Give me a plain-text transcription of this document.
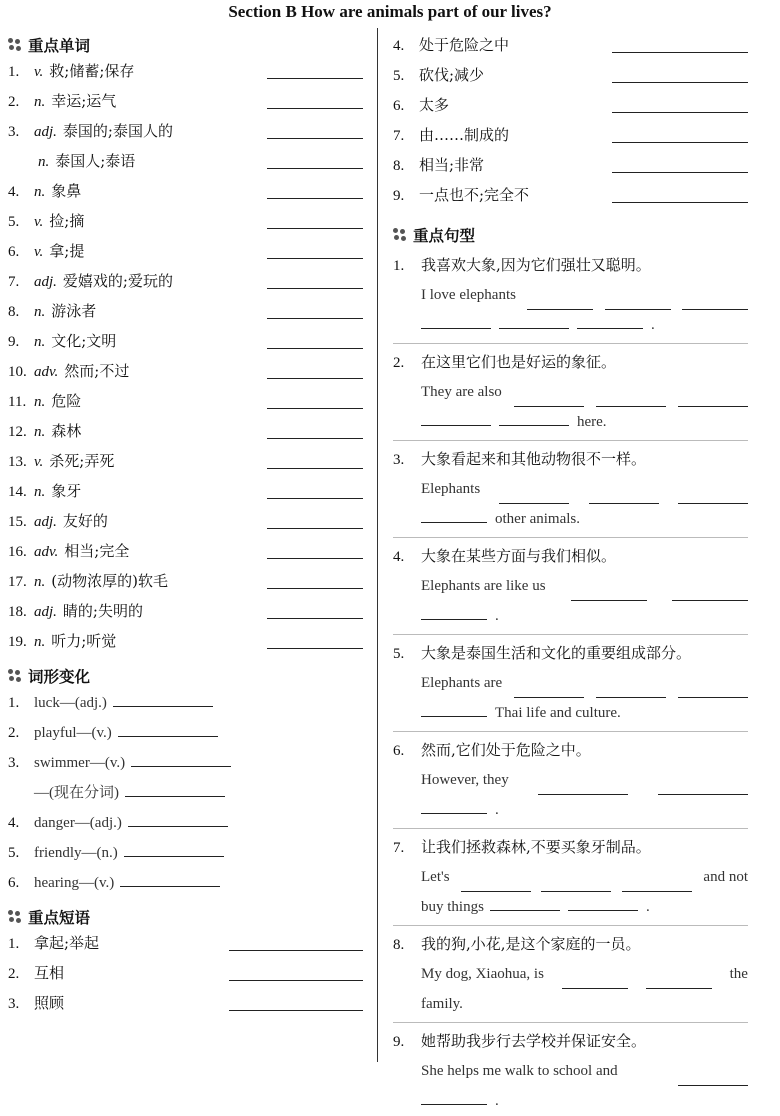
Section B How are animals part of our lives?
重点单词
1. v. 救;储蓄;保存
2. n. 幸运;运气
3. adj. 泰国的;泰国人的
n. 泰国人;泰语
4. n. 象鼻
5. v. 捡;摘
6. v. 拿;提
7. adj. 爱嬉戏的;爱玩的
8. n. 游泳者
9. n. 文化;文明
10. adv. 然而;不过
11. n. 危险
12. n. 森林
13. v. 杀死;弄死
14. n. 象牙
15. adj. 友好的
16. adv. 相当;完全
17. n. (动物浓厚的)软毛
18. adj. 睛的;失明的
19. n. 听力;听觉
词形变化
1. luck—(adj.)
2. playful—(v.)
3. swimmer—(v.)
—(现在分词)
4. danger—(adj.)
5. friendly—(n.)
6. hearing—(v.)
重点短语
1. 拿起;举起
2. 互相
3. 照顾
4. 处于危险之中
5. 砍伐;减少
6. 太多
7. 由……制成的
8. 相当;非常
9. 一点也不;完全不
重点句型
1. 我喜欢大象,因为它们强壮又聪明。
I love elephants
.
2. 在这里它们也是好运的象征。
They are also
here.
3. 大象看起来和其他动物很不一样。
Elephants
other animals.
4. 大象在某些方面与我们相似。
Elephants are like us
.
5. 大象是泰国生活和文化的重要组成部分。
Elephants are
Thai life and culture.
6. 然而,它们处于危险之中。
However, they
.
7. 让我们拯救森林,不要买象牙制品。
Let's	and not
buy things	.
8. 我的狗,小花,是这个家庭的一员。
My dog, Xiaohua, is	the
family.
9. 她帮助我步行去学校并保证安全。
She helps me walk to school and
.
